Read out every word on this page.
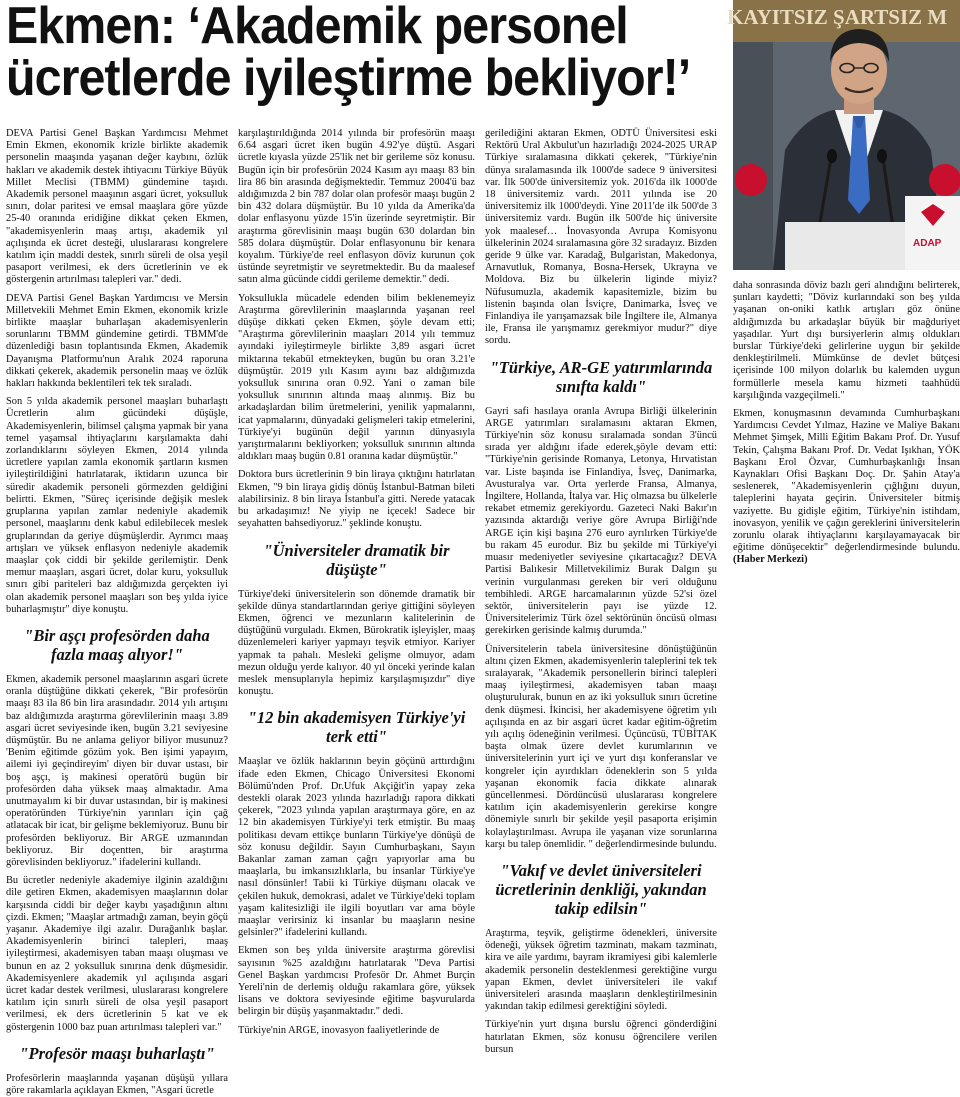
Ekmen: ‘Akademik personel
ücretlerde iyileştirme bekliyor!’
KAYITSIZ ŞARTSIZ M
ADAP

DEVA Partisi Genel Başkan Yardımcısı Mehmet Emin Ekmen, ekonomik krizle birlikte akademik personelin maaşında yaşanan değer kaybını, özlük hakları ve akademik destek ihtiyacını Türkiye Büyük Millet Meclisi (TBMM) gündemine taşıdı. Akademik personel maaşının asgari ücret, yoksulluk sınırı, dolar paritesi ve emsal maaşlara göre yüzde 25-40 oranında eridiğine dikkat çeken Ekmen, "akademisyenlerin maaş artışı, akademik yıl açılışında ek ücret desteği, uluslararası kongrelere katılım için maddi destek, sınırlı süreli de olsa yeşil pasaport verilmesi, ek ders ücretlerinin ve ek göstergenin artırılması talepleri var." dedi.

DEVA Partisi Genel Başkan Yardımcısı ve Mersin Milletvekili Mehmet Emin Ekmen, ekonomik krizle birlikte maaşlar buharlaşan akademisyenlerin sorunlarını TBMM gündemine getirdi. TBMM'de düzenlediği basın toplantısında Ekmen, Akademik Dayanışma Platformu'nun Aralık 2024 raporuna dikkati çekerek, akademik personelin maaş ve özlük hakları hakkında beklentileri tek tek sıraladı.

Son 5 yılda akademik personel maaşları buharlaştı Ücretlerin alım gücündeki düşüşle, Akademisyenlerin, bilimsel çalışma yapmak bir yana temel yaşamsal ihtiyaçlarını karşılamakta dahi zorlandıklarını söyleyen Ekmen, 2014 yılında ücretlere yapılan zamla ekonomik şartların kısmen iyileştirildiğini hatırlatarak, iktidarın uzunca bir süredir akademik personeli görmezden geldiğini belirtti. Ekmen, "Süreç içerisinde değişik meslek gruplarına yapılan zamlar nedeniyle akademik personel, maaşlarını denk kabul edilebilecek meslek gruplarından da geriye düşmüşlerdir. Ayrımcı maaş artışları ve yüksek enflasyon nedeniyle akademik maaşlar çok ciddi bir şekilde gerilemiştir. Denk memur maaşları, asgari ücret, dolar kuru, yoksulluk sınırı gibi pariteleri baz aldığımızda gerçekten iyi olan akademik personel maaşları son beş yılda iyice buharlaşmıştır" diye konuştu.

"Bir aşçı profesörden daha fazla maaş alıyor!"

Ekmen, akademik personel maaşlarının asgari ücrete oranla düştüğüne dikkati çekerek, "Bir profesörün maaşı 83 ila 86 bin lira arasındadır. 2014 yılı artışını baz aldığımızda araştırma görevlilerinin maaşı 3.89 asgari ücret seviyesinde iken, bugün 3.21 seviyesine düşmüştür. Bu ne anlama geliyor biliyor musunuz? 'Benim eğitimde gözüm yok. Ben işimi yapayım, ailemi iyi geçindireyim' diyen bir duvar ustası, bir boş aşçı, iş makinesi operatörü bugün bir profesörden daha yüksek maaş almaktadır. Ama unutmayalım ki bir duvar ustasından, bir iş makinesi operatöründen Türkiye'nin yarınları için çağ atlatacak bir icat, bir gelişme beklemiyoruz. Bunu bir profesörden bekliyoruz. Bir ARGE uzmanından bekliyoruz. Bir doçentten, bir araştırma görevlisinden bekliyoruz." ifadelerini kullandı.

Bu ücretler nedeniyle akademiye ilginin azaldığını dile getiren Ekmen, akademisyen maaşlarının dolar karşısında ciddi bir değer kaybı yaşadığının altını çizdi. Ekmen; "Maaşlar artmadığı zaman, beyin göçü yaşanır. Akademiye ilgi azalır. Durağanlık başlar. Akademisyenlerin birinci talepleri, maaş iyileştirmesi, akademisyen taban maaşı oluşması ve bunun en az 2 yoksulluk sınırına denk düşmesidir. Akademisyenlere akademik yıl açılışında asgari ücret kadar destek verilmesi, uluslararası kongrelere katılım için sınırlı süreli de olsa yeşil pasaport verilmesi, ek ders ücretlerinin 5 kat ve ek göstergenin 1000 baz puan artırılması talepleri var."

"Profesör maaşı buharlaştı"

Profesörlerin maaşlarında yaşanan düşüşü yıllara göre rakamlarla açıklayan Ekmen, "Asgari ücretle

karşılaştırıldığında 2014 yılında bir profesörün maaşı 6.64 asgari ücret iken bugün 4.92'ye düştü. Asgari ücretle kıyasla yüzde 25'lik net bir gerileme söz konusu. Bugün için bir profesörün 2024 Kasım ayı maaşı 83 bin lira 86 bin arasında değişmektedir. Temmuz 2004'ü baz aldığımızda 2 bin 787 dolar olan profesör maaşı bugün 2 bin 432 dolara düşmüştür. Bu 10 yılda da Amerika'da dolar enflasyonu yüzde 15'in üzerinde seyretmiştir. Bir araştırma görevlisinin maaşı bugün 630 dolardan bin 585 dolara düşmüştür. Dolar enflasyonunu bir kenara koyalım. Türkiye'de reel enflasyon döviz kurunun çok üstünde seyretmiştir ve seyretmektedir. Bu da maalesef satın alma gücünde ciddi gerileme demektir." dedi.

Yoksullukla mücadele edenden bilim beklenemeyiz Araştırma görevlilerinin maaşlarında yaşanan reel düşüşe dikkati çeken Ekmen, şöyle devam etti; "Araştırma görevlilerinin maaşları 2014 yılı temmuz ayındaki iyileştirmeyle birlikte 3,89 asgari ücret miktarına tekabül etmekteyken, bugün bu oran 3.21'e düşmüştür. 2019 yılı Kasım ayını baz aldığımızda yoksulluk sınırına oran 0.92. Yani o zaman bile yoksulluk sınırının altında maaş alınmış. Biz bu arkadaşlardan bilim üretmelerini, yenilik yapmalarını, icat yapmalarını, dünyadaki gelişmeleri takip etmelerini, Türkiye'yi bugünün değil yarının dünyasıyla yarıştırmalarını bekliyorken; yoksulluk sınırının altında aldıkları maaş bugün 0.81 oranına kadar düşmüştür."

Doktora burs ücretlerinin 9 bin liraya çıktığını hatırlatan Ekmen, "9 bin liraya gidiş dönüş İstanbul-Batman bileti alabilirsiniz. 8 bin liraya İstanbul'a gitti. Nerede yatacak bu arkadaşımız! Ne yiyip ne içecek! Sadece bir seyahatten bahsediyoruz." şeklinde konuştu.

"Üniversiteler dramatik bir düşüşte"

Türkiye'deki üniversitelerin son dönemde dramatik bir şekilde dünya standartlarından geriye gittiğini söyleyen Ekmen, öğrenci ve mezunların kalitelerinin de düştüğünü vurguladı. Ekmen, Bürokratik işleyişler, maaş düzenlemeleri kariyer yapmayı teşvik etmiyor. Kariyer yapmak ta pahalı. Mesleki gelişme olmuyor, adam mezun olduğu yerde kalıyor. 40 yıl önceki yerinde kalan meslek mensuplarıyla hepimiz karşılaşmışızdır" diye konuştu.

"12 bin akademisyen Türkiye'yi terk etti"

Maaşlar ve özlük haklarının beyin göçünü arttırdığını ifade eden Ekmen, Chicago Üniversitesi Ekonomi Bölümü'nden Prof. Dr.Ufuk Akçiğit'in yapay zeka destekli olarak 2023 yılında hazırladığı rapora dikkati çekerek, "2023 yılında yapılan araştırmaya göre, en az 12 bin akademisyen Türkiye'yi terk etmiştir. Bu maaş politikası devam ettikçe bunların Türkiye'ye dönüşü de söz konusu değildir. Sayın Cumhurbaşkanı, Sayın Bakanlar zaman zaman çağrı yapıyorlar ama bu maaşlarla, bu imkansızlıklarla, bu insanlar Türkiye'ye nasıl dönsünler! Tabii ki Türkiye düşmanı olacak ve çekilen hukuk, demokrasi, adalet ve Türkiye'deki toplam yaşam kalitesizliği ile ilgili boyutları var ama böyle maaşlar verirsiniz ki insanlar bu maaşların nesine gelsinler?" ifadelerini kullandı.

Ekmen son beş yılda üniversite araştırma görevlisi sayısının %25 azaldığını hatırlatarak "Deva Partisi Genel Başkan yardımcısı Profesör Dr. Ahmet Burçin Yereli'nin de derlemiş olduğu rakamlara göre, yüksek lisans ve doktora seviyesinde eğitime başvurularda belirgin bir düşüş yaşanmaktadır." dedi.

Türkiye'nin ARGE, inovasyon faaliyetlerinde de

gerilediğini aktaran Ekmen, ODTÜ Üniversitesi eski Rektörü Ural Akbulut'un hazırladığı 2024-2025 URAP Türkiye sıralamasına dikkati çekerek, "Türkiye'nin dünya sıralamasında ilk 1000'de sadece 9 üniversitesi var. İlk 500'de üniversitemiz yok. 2016'da ilk 1000'de 18 üniversitemiz vardı. 2011 yılında ise 20 üniversitemiz ilk 1000'deydi. Yine 2011'de ilk 500'de 3 üniversitemiz vardı. Bugün ilk 500'de hiç üniversite yok maalesef… İnovasyonda Avrupa Komisyonu ülkelerinin 2024 sıralamasına göre 32 sıradayız. Bizden geride 9 ülke var. Karadağ, Bulgaristan, Makedonya, Arnavutluk, Romanya, Bosna-Hersek, Ukrayna ve Moldova. Biz bu ülkelerin liginde miyiz? Nüfusumuzla, akademik kapasitemizle, bizim bu listenin başında olan İsviçre, Danimarka, İsveç ve Finlandiya ile yarışamazsak bile İngiltere ile, Almanya ile, Fransa ile yarışmamız gerekmiyor mudur?" diye sordu.

"Türkiye, AR-GE yatırımlarında sınıfta kaldı"

Gayri safi hasılaya oranla Avrupa Birliği ülkelerinin ARGE yatırımları sıralamasını aktaran Ekmen, Türkiye'nin söz konusu sıralamada sondan 3'üncü sırada yer aldığını ifade ederek,şöyle devam etti: "Türkiye'nin gerisinde Romanya, Letonya, Hırvatistan var. Liste başında ise Finlandiya, İsveç, Danimarka, Avusturalya var. Orta yerlerde Fransa, Almanya, İngiltere, Hollanda, İtalya var. Hiç olmazsa bu ülkelerle rekabet etmemiz gerekiyordu. Gazeteci Naki Bakır'ın yazısında aktardığı veriye göre Avrupa Birliği'nde ARGE için kişi başına 276 euro ayrılırken Türkiye'de bu rakam 45 eurodur. Biz bu şekilde mi Türkiye'yi muasır medeniyetler seviyesine çıkartacağız? DEVA Partisi Balıkesir Milletvekilimiz Burak Dalgın şu verinin vurgulanması gereken bir veri olduğunu tembihledi. ARGE harcamalarının yüzde 52'si özel sektör, üniversitelerin payı ise yüzde 12. Üniversitelerimiz Türk özel sektörünün öncüsü olması gerekirken gerisinde kalmış durumda."

Üniversitelerin tabela üniversitesine dönüştüğünün altını çizen Ekmen, akademisyenlerin taleplerini tek tek sıralayarak, "Akademik personellerin birinci talepleri maaş iyileştirmesi, akademisyen taban maaşı oluşturulurak, bunun en az iki yoksulluk sınırı ücretine denk düşmesi. İkincisi, her akademisyene öğretim yılı açılışında en az bir asgari ücret kadar eğitim-öğretim yılı açılış ödeneğinin verilmesi. Üçüncüsü, TÜBİTAK başta olmak üzere devlet kurumlarının ve üniversitelerinin yurt içi ve yurt dışı konferanslar ve kongreler için ayırdıkları ödeneklerin son 5 yılda yaşanan ekonomik facia dikkate alınarak güncellenmesi. Dördüncüsü uluslararası kongrelere katılım için akademisyenlerin gerekirse kongre dönemiyle sınırlı bir şekilde yeşil pasaporta erişimin kolaylaştırılması. Avrupa ile yaşanan vize sorunlarına karşı bu talep önemlidir. " değerlendirmesinde bulundu.

"Vakıf ve devlet üniversiteleri ücretlerinin denkliği, yakından takip edilsin"

Araştırma, teşvik, geliştirme ödenekleri, üniversite ödeneği, yüksek öğretim tazminatı, makam tazminatı, kira ve aile yardımı, bayram ikramiyesi gibi kalemlerle akademik personelin desteklenmesi gerektiğine vurgu yapan Ekmen, devlet üniversiteleri ile vakıf üniversiteleri arasında maaşların denkleştirilmesinin yakından takip edilmesi gerektiğini söyledi.

Türkiye'nin yurt dışına burslu öğrenci gönderdiğini hatırlatan Ekmen, söz konusu öğrencilere verilen bursun

daha sonrasında döviz bazlı geri alındığını belirterek, şunları kaydetti; "Döviz kurlarındaki son beş yılda yaşanan on-oniki katlık artışları göz önüne aldığımızda bu arkadaşlar büyük bir mağduriyet yaşadılar. Yurt dışı bursiyerlerin almış oldukları burslar Türkiye'deki gelirlerine uygun bir şekilde denkleştirilmeli. Mümkünse de devlet bütçesi içerisinde 100 milyon dolarlık bu kalemden uygun formüllerle mesela kamu hizmeti taahhüdü karşılığında vazgeçilmeli."

Ekmen, konuşmasının devamında Cumhurbaşkanı Yardımcısı Cevdet Yılmaz, Hazine ve Maliye Bakanı Mehmet Şimşek, Milli Eğitim Bakanı Prof. Dr. Yusuf Tekin, Çalışma Bakanı Prof. Dr. Vedat Işıkhan, YÖK Başkanı Erol Özvar, Cumhurbaşkanlığı İnsan Kaynakları Ofisi Başkanı Doç. Dr. Şahin Atay'a seslenerek, "Akademisyenlerin çığlığını duyun, taleplerini hayata geçirin. Üniversiteler bitmiş vaziyette. Bu gidişle eğitim, Türkiye'nin istihdam, inovasyon, yenilik ve çağın gereklerini üniversitelerin zorunlu olarak ihtiyaçlarını karşılayamayacak bir eğitime dönüşecektir" değerlendirmesinde bulundu. (Haber Merkezi)
